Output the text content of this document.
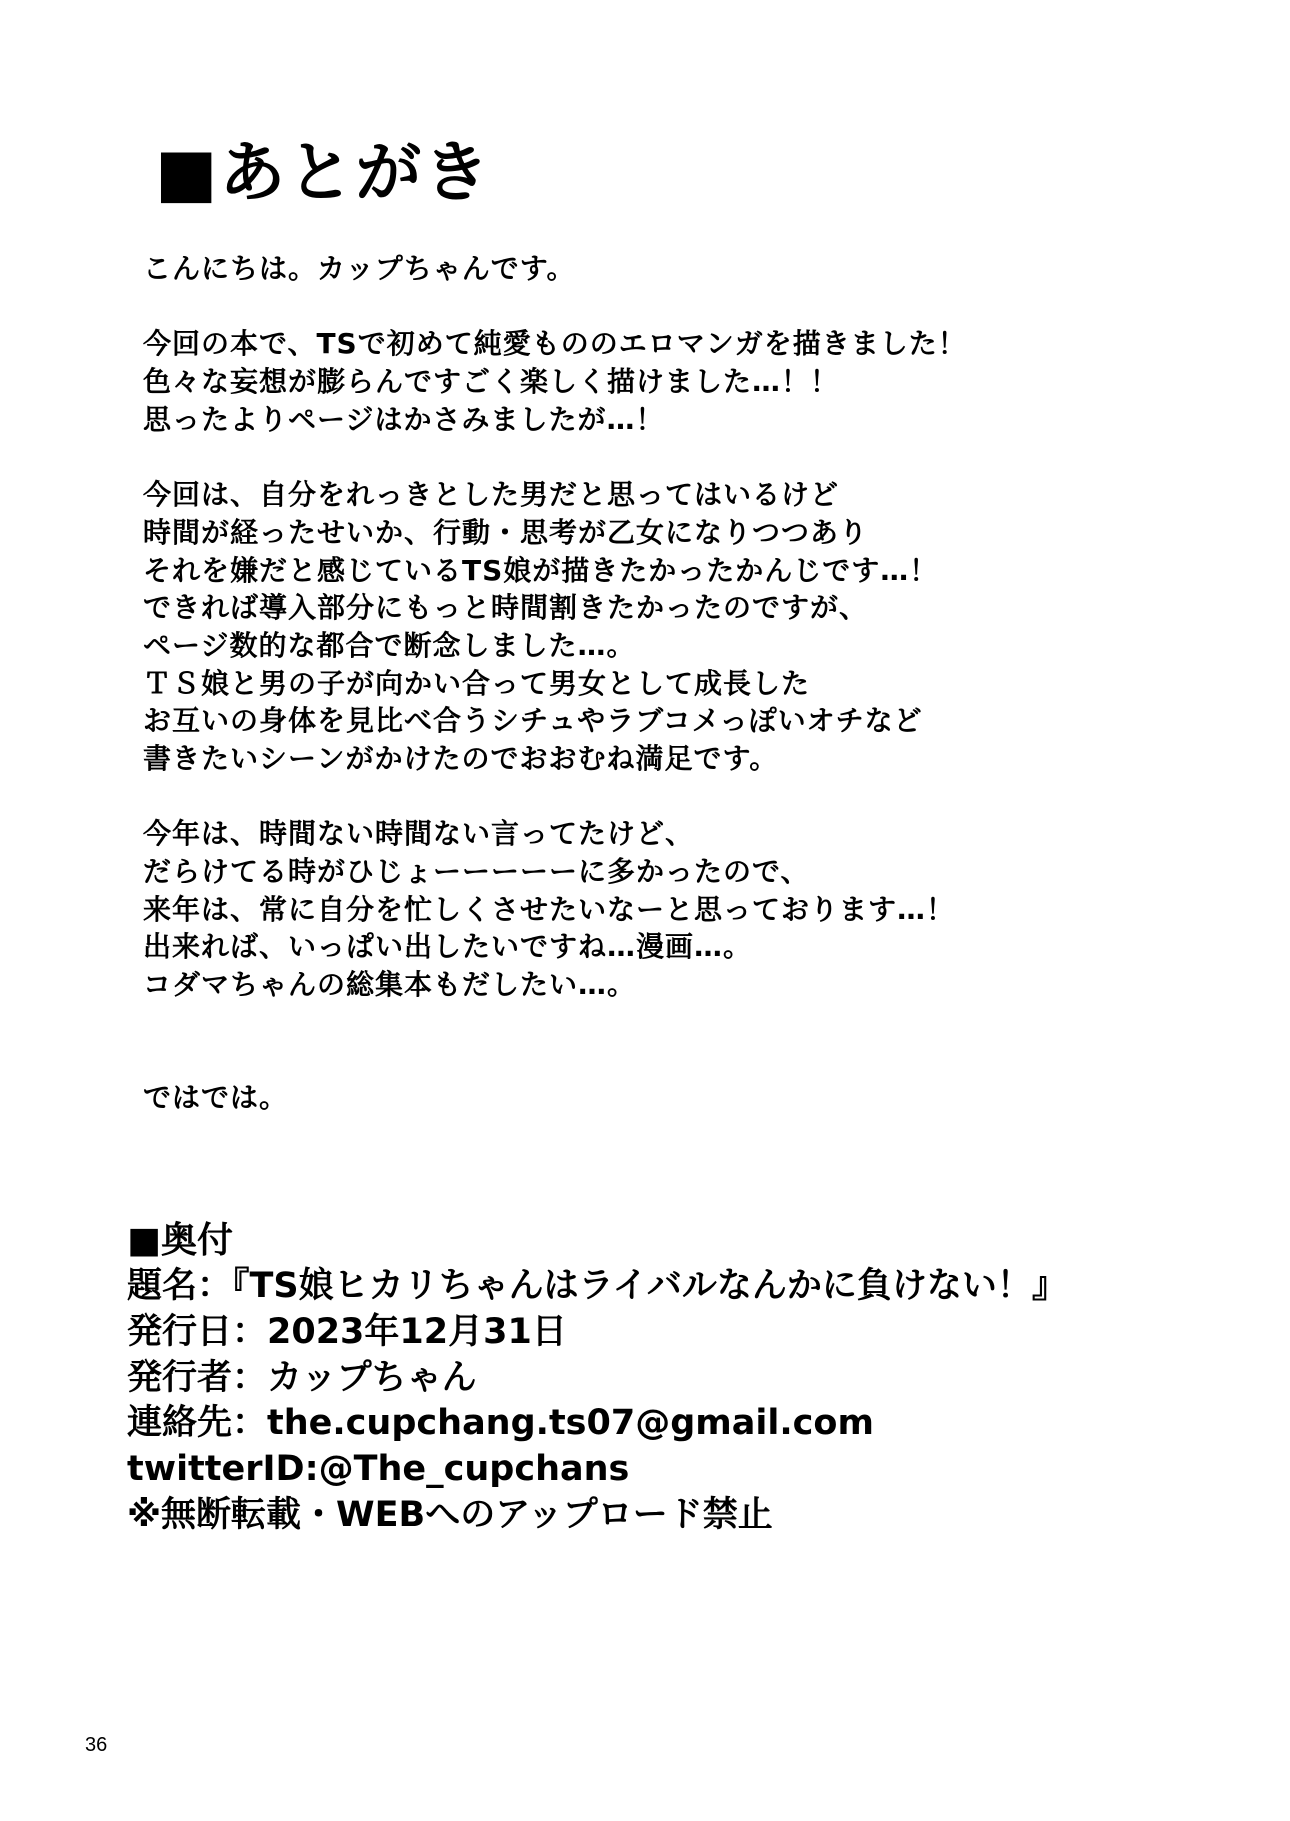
■あとがき
こんにちは。カップちゃんです。
今回の本で、TSで初めて純愛もののエロマンガを描きました！
色々な妄想が膨らんですごく楽しく描けました…！！
思ったよりページはかさみましたが…！
今回は、自分をれっきとした男だと思ってはいるけど
時間が経ったせいか、行動・思考が乙女になりつつあり
それを嫌だと感じているTS娘が描きたかったかんじです…！
できれば導入部分にもっと時間割きたかったのですが、
ページ数的な都合で断念しました…。
ＴＳ娘と男の子が向かい合って男女として成長した
お互いの身体を見比べ合うシチュやラブコメっぽいオチなど
書きたいシーンがかけたのでおおむね満足です。
今年は、時間ない時間ない言ってたけど、
だらけてる時がひじょーーーーーに多かったので、
来年は、常に自分を忙しくさせたいなーと思っております…！
出来れば、いっぱい出したいですね…漫画…。
コダマちゃんの総集本もだしたい…。
ではでは。
■奥付
題名：『TS娘ヒカリちゃんはライバルなんかに負けない！』
発行日：2023年12月31日
発行者：カップちゃん
連絡先：the.cupchang.ts07@gmail.com
twitterID:@The_cupchans
※無断転載・WEBへのアップロード禁止
36
